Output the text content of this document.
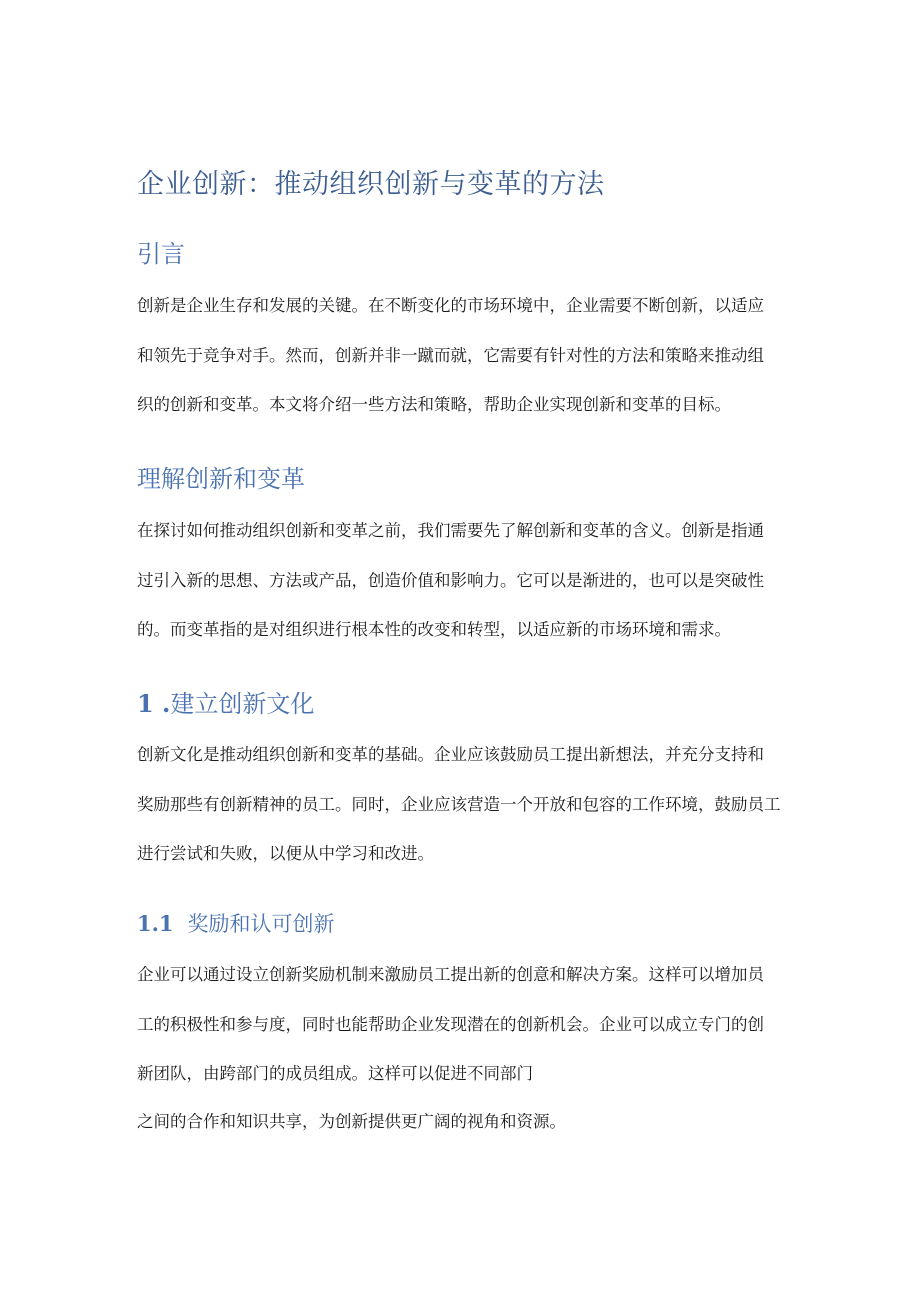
企业创新：推动组织创新与变革的方法
引言

创新是企业生存和发展的关键。在不断变化的市场环境中，企业需要不断创新，以适应

和领先于竞争对手。然而，创新并非一蹴而就，它需要有针对性的方法和策略来推动组

织的创新和变革。本文将介绍一些方法和策略，帮助企业实现创新和变革的目标。

理解创新和变革

在探讨如何推动组织创新和变革之前，我们需要先了解创新和变革的含义。创新是指通

过引入新的思想、方法或产品，创造价值和影响力。它可以是渐进的，也可以是突破性

的。而变革指的是对组织进行根本性的改变和转型，以适应新的市场环境和需求。

1 .建立创新文化

创新文化是推动组织创新和变革的基础。企业应该鼓励员工提出新想法，并充分支持和

奖励那些有创新精神的员工。同时，企业应该营造一个开放和包容的工作环境，鼓励员工

进行尝试和失败，以便从中学习和改进。

1.1 奖励和认可创新

企业可以通过设立创新奖励机制来激励员工提出新的创意和解决方案。这样可以增加员

工的积极性和参与度，同时也能帮助企业发现潜在的创新机会。企业可以成立专门的创

新团队，由跨部门的成员组成。这样可以促进不同部门

之间的合作和知识共享，为创新提供更广阔的视角和资源。
